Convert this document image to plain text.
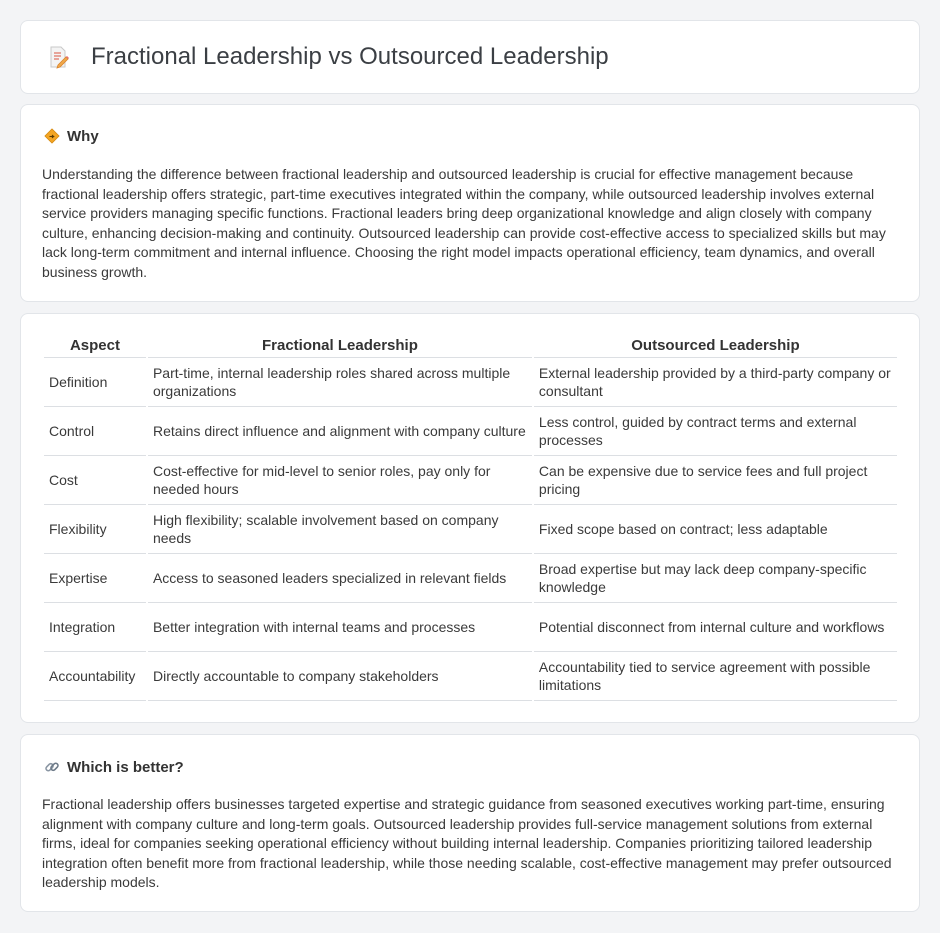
Fractional Leadership vs Outsourced Leadership
Why

Understanding the difference between fractional leadership and outsourced leadership is crucial for effective management because fractional leadership offers strategic, part-time executives integrated within the company, while outsourced leadership involves external service providers managing specific functions. Fractional leaders bring deep organizational knowledge and align closely with company culture, enhancing decision-making and continuity. Outsourced leadership can provide cost-effective access to specialized skills but may lack long-term commitment and internal influence. Choosing the right model impacts operational efficiency, team dynamics, and overall business growth.

Aspect	Fractional Leadership	Outsourced Leadership
Definition	Part-time, internal leadership roles shared across multiple organizations	External leadership provided by a third-party company or consultant
Control	Retains direct influence and alignment with company culture	Less control, guided by contract terms and external processes
Cost	Cost-effective for mid-level to senior roles, pay only for needed hours	Can be expensive due to service fees and full project pricing
Flexibility	High flexibility; scalable involvement based on company needs	Fixed scope based on contract; less adaptable
Expertise	Access to seasoned leaders specialized in relevant fields	Broad expertise but may lack deep company-specific knowledge
Integration	Better integration with internal teams and processes	Potential disconnect from internal culture and workflows
Accountability	Directly accountable to company stakeholders	Accountability tied to service agreement with possible limitations
Which is better?

Fractional leadership offers businesses targeted expertise and strategic guidance from seasoned executives working part-time, ensuring alignment with company culture and long-term goals. Outsourced leadership provides full-service management solutions from external firms, ideal for companies seeking operational efficiency without building internal leadership. Companies prioritizing tailored leadership integration often benefit more from fractional leadership, while those needing scalable, cost-effective management may prefer outsourced leadership models.
